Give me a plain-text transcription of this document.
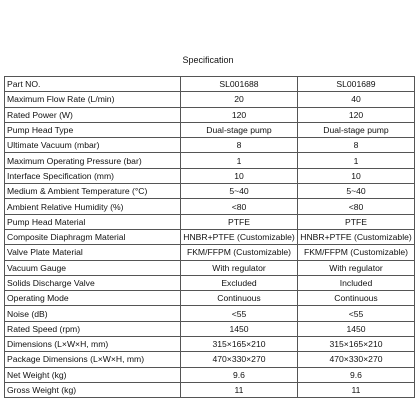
Specification
Part NO.	SL001688	SL001689
Maximum Flow Rate (L/min)	20	40
Rated Power (W)	120	120
Pump Head Type	Dual-stage pump	Dual-stage pump
Ultimate Vacuum (mbar)	8	8
Maximum Operating Pressure (bar)	1	1
Interface Specification (mm)	10	10
Medium & Ambient Temperature (°C)	5~40	5~40
Ambient Relative Humidity (%)	<80	<80
Pump Head Material	PTFE	PTFE
Composite Diaphragm Material	HNBR+PTFE (Customizable)	HNBR+PTFE (Customizable)
Valve Plate Material	FKM/FFPM (Customizable)	FKM/FFPM (Customizable)
Vacuum Gauge	With regulator	With regulator
Solids Discharge Valve	Excluded	Included
Operating Mode	Continuous	Continuous
Noise (dB)	<55	<55
Rated Speed (rpm)	1450	1450
Dimensions (L×W×H, mm)	315×165×210	315×165×210
Package Dimensions (L×W×H, mm)	470×330×270	470×330×270
Net Weight (kg)	9.6	9.6
Gross Weight (kg)	11	11
